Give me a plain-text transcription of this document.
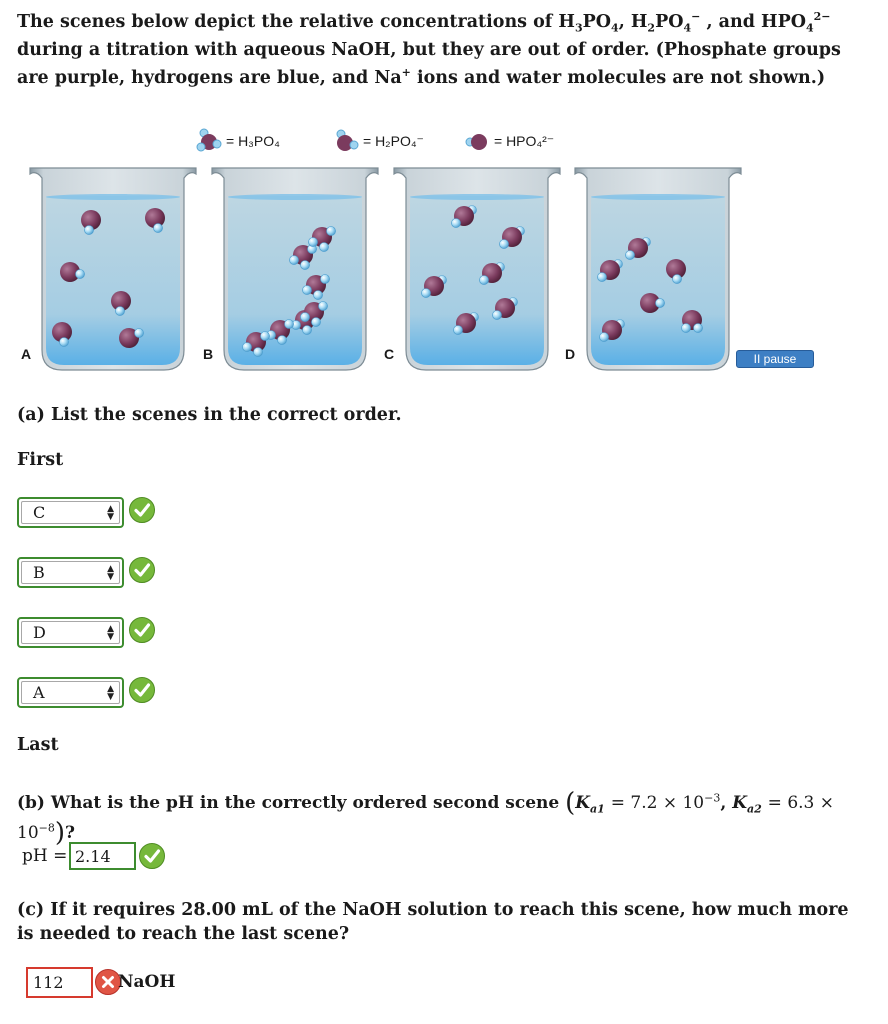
The scenes below depict the relative concentrations of $H_3PO_4$, $H_2PO_4^-$ , and $HPO_4^{2-}$ during a titration with aqueous NaOH, but they are out of order. (Phosphate groups are purple, hydrogens are blue, and Na+ ions and water molecules are not shown.)
= H₃PO₄	= H₂PO₄⁻	= HPO₄²⁻
A	B	C	D	II pause
(a) List the scenes in the correct order.
First
C	▲
▼
B	▲
▼
D	▲
▼
A	▲
▼
Last
(b) What is the pH in the correctly ordered second scene ($K_{a1} = 7.2 \times 10^{-3}$, $K_{a2} = 6.3 \times 10^{-8}$)?
pH = 2.14
(c) If it requires 28.00 mL of the NaOH solution to reach this scene, how much more is needed to reach the last scene?
112	NaOH
